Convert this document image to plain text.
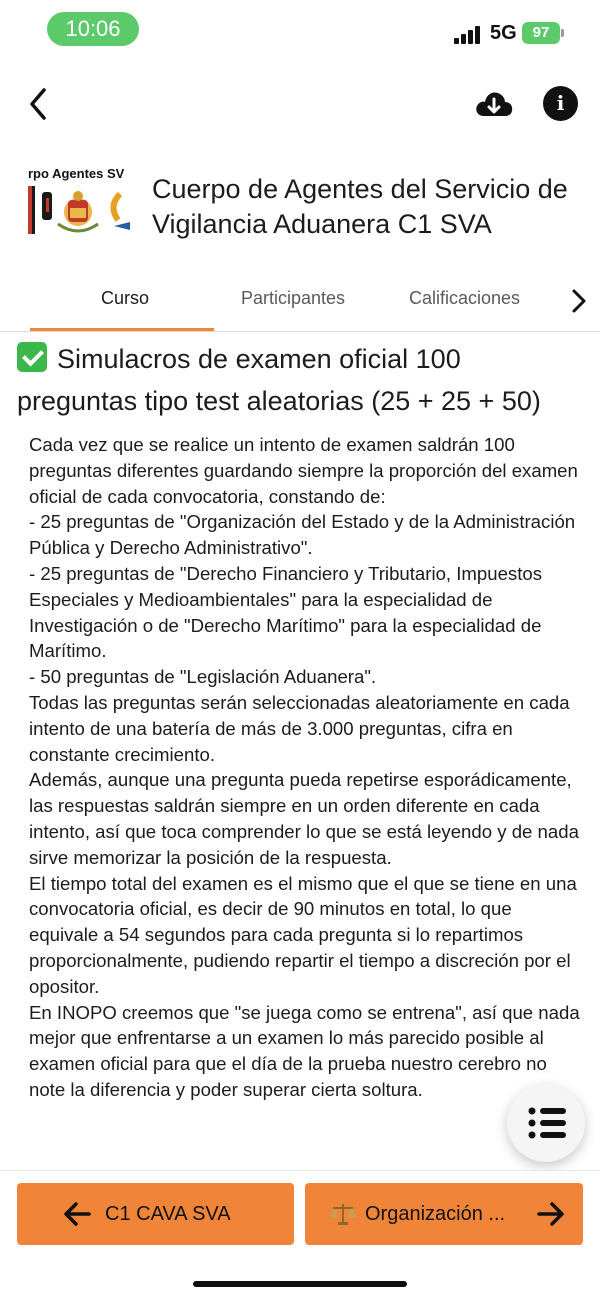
10:06	5G	97
i
rpo Agentes SV
Cuerpo de Agentes del Servicio de Vigilancia Aduanera C1 SVA
Curso	Participantes	Calificaciones
Simulacros de examen oficial 100 preguntas tipo test aleatorias (25 + 25 + 50)

Cada vez que se realice un intento de examen saldrán 100 preguntas diferentes guardando siempre la proporción del examen oficial de cada convocatoria, constando de:

- 25 preguntas de "Organización del Estado y de la Administración Pública y Derecho Administrativo".

- 25 preguntas de "Derecho Financiero y Tributario, Impuestos Especiales y Medioambientales" para la especialidad de Investigación o de "Derecho Marítimo" para la especialidad de Marítimo.

- 50 preguntas de "Legislación Aduanera".

Todas las preguntas serán seleccionadas aleatoriamente en cada intento de una batería de más de 3.000 preguntas, cifra en constante crecimiento.

Además, aunque una pregunta pueda repetirse esporádicamente, las respuestas saldrán siempre en un orden diferente en cada intento, así que toca comprender lo que se está leyendo y de nada sirve memorizar la posición de la respuesta.

El tiempo total del examen es el mismo que el que se tiene en una convocatoria oficial, es decir de 90 minutos en total, lo que equivale a 54 segundos para cada pregunta si lo repartimos proporcionalmente, pudiendo repartir el tiempo a discreción por el opositor.

En INOPO creemos que "se juega como se entrena", así que nada mejor que enfrentarse a un examen lo más parecido posible al examen oficial para que el día de la prueba nuestro cerebro no note la diferencia y poder superar cierta soltura.

C1 CAVA SVA	Organización ...
